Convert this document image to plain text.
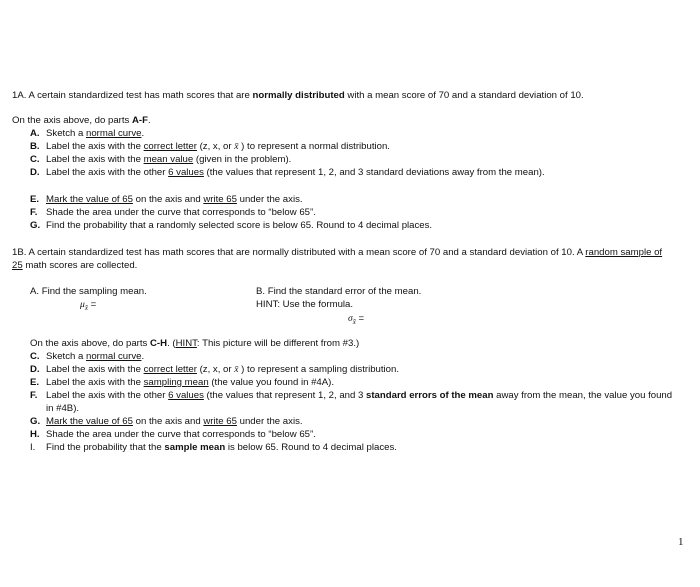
1A. A certain standardized test has math scores that are normally distributed with a mean score of 70 and a standard deviation of 10.
On the axis above, do parts A-F.
A. Sketch a normal curve.
B. Label the axis with the correct letter (z, x, or x̄ ) to represent a normal distribution.
C. Label the axis with the mean value (given in the problem).
D. Label the axis with the other 6 values (the values that represent 1, 2, and 3 standard deviations away from the mean).
E. Mark the value of 65 on the axis and write 65 under the axis.
F. Shade the area under the curve that corresponds to “below 65”.
G. Find the probability that a randomly selected score is below 65. Round to 4 decimal places.
1B. A certain standardized test has math scores that are normally distributed with a mean score of 70 and a standard deviation of 10. A random sample of
25 math scores are collected.
A. Find the sampling mean.
$\mu_{x̄}$ =
B. Find the standard error of the mean.
HINT: Use the formula.
$\sigma_{x̄}$ =
On the axis above, do parts C-H. (HINT: This picture will be different from #3.)
C. Sketch a normal curve.
D. Label the axis with the correct letter (z, x, or x̄ ) to represent a sampling distribution.
E. Label the axis with the sampling mean (the value you found in #4A).
F. Label the axis with the other 6 values (the values that represent 1, 2, and 3 standard errors of the mean away from the mean, the value you found
in #4B).
G. Mark the value of 65 on the axis and write 65 under the axis.
H. Shade the area under the curve that corresponds to “below 65”.
I. Find the probability that the sample mean is below 65. Round to 4 decimal places.
1
